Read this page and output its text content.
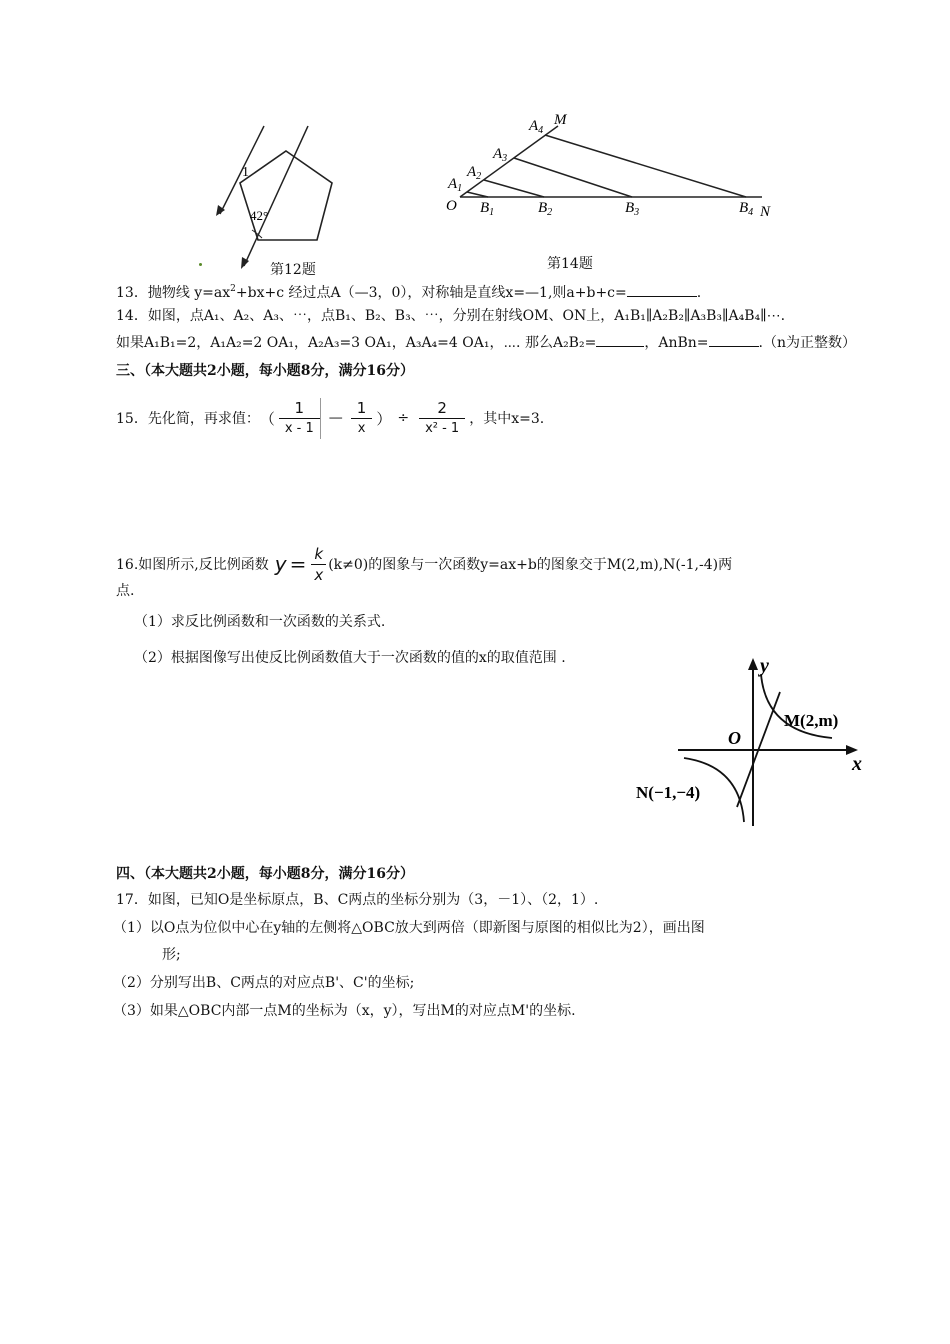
1
42°
第12题
O
M
N
$A_1$
$A_2$
$A_3$
$A_4$
$B_1$	$B_2$	$B_3$	$B_4$
第14题
13．抛物线 $y=ax^2+bx+c$ 经过点A（—3，0），对称轴是直线x=—1,则a+b+c=	.
14．如图，点A₁、A₂、A₃、⋯，点B₁、B₂、B₃、⋯，分别在射线OM、ON上，A₁B₁∥A₂B₂∥A₃B₃∥A₄B₄∥⋯.
如果A₁B₁=2，A₁A₂=2 OA₁，A₂A₃=3 OA₁，A₃A₄=4 OA₁，⋯. 那么A₂B₂=	，AnBn=	.（n为正整数）
三、（本大题共2小题，每小题8分，满分16分）
15．先化简，再求值： （ $\frac{1}{x - 1}$ — $\frac{1}{x}$ ） ÷ $\frac{2}{\text{x² - 1}}$ ，其中x=3.
16.如图所示,反比例函数 $y = \frac{k}{x} (k\ne 0)$的图象与一次函数y=ax+b的图象交于M(2,m),N(-1,-4)两
点.
（1）求反比例函数和一次函数的关系式.
（2）根据图像写出使反比例函数值大于一次函数的值的x的取值范围 .	y
x
O
M(2,m)
N(−1,−4)
四、（本大题共2小题，每小题8分，满分16分）
17．如图，已知O是坐标原点，B、C两点的坐标分别为（3，－1）、（2，1）.
（1）以O点为位似中心在y轴的左侧将△OBC放大到两倍（即新图与原图的相似比为2），画出图
形;
（2）分别写出B、C两点的对应点B'、C'的坐标;
（3）如果△OBC内部一点M的坐标为（x，y），写出M的对应点M'的坐标.
